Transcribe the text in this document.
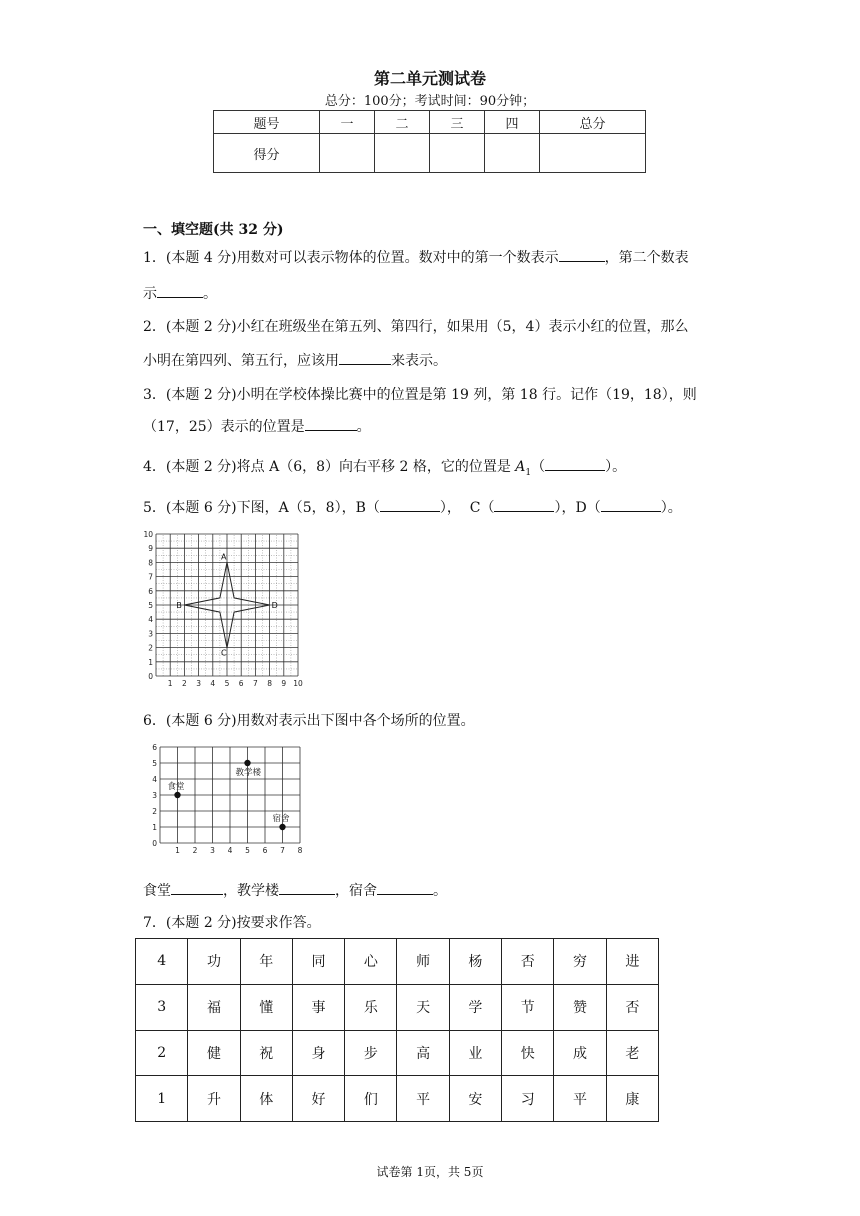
第二单元测试卷
总分：100分；考试时间：90分钟；
题号	一	二	三	四	总分
得分					
一、填空题(共 32 分)
1．(本题 4 分)用数对可以表示物体的位置。数对中的第一个数表示	，第二个数表
示	。
2．(本题 2 分)小红在班级坐在第五列、第四行，如果用（5，4）表示小红的位置，那么
小明在第四列、第五行，应该用	来表示。
3．(本题 2 分)小明在学校体操比赛中的位置是第 19 列，第 18 行。记作（19，18），则
（17，25）表示的位置是	。
4．(本题 2 分)将点 A（6，8）向右平移 2 格，它的位置是 $A_1$（	）。
5．(本题 6 分)下图，A（5，8），B（	）， C（	），D（	）。
1 2 3 4 5 6 7 8 9 10
0
1
2
3
4
5
6
7
8
9
10
A
B
C
D
6．(本题 6 分)用数对表示出下图中各个场所的位置。
1 2 3 4 5 6 7 8
0
1
2
3
4
5
6
食堂
教学楼
宿舍
食堂	，教学楼	，宿舍	。
7．(本题 2 分)按要求作答。
4	功	年	同	心	师	杨	否	穷	进
3	福	懂	事	乐	天	学	节	赞	否
2	健	祝	身	步	高	业	快	成	老
1	升	体	好	们	平	安	习	平	康
试卷第 1页，共 5页
